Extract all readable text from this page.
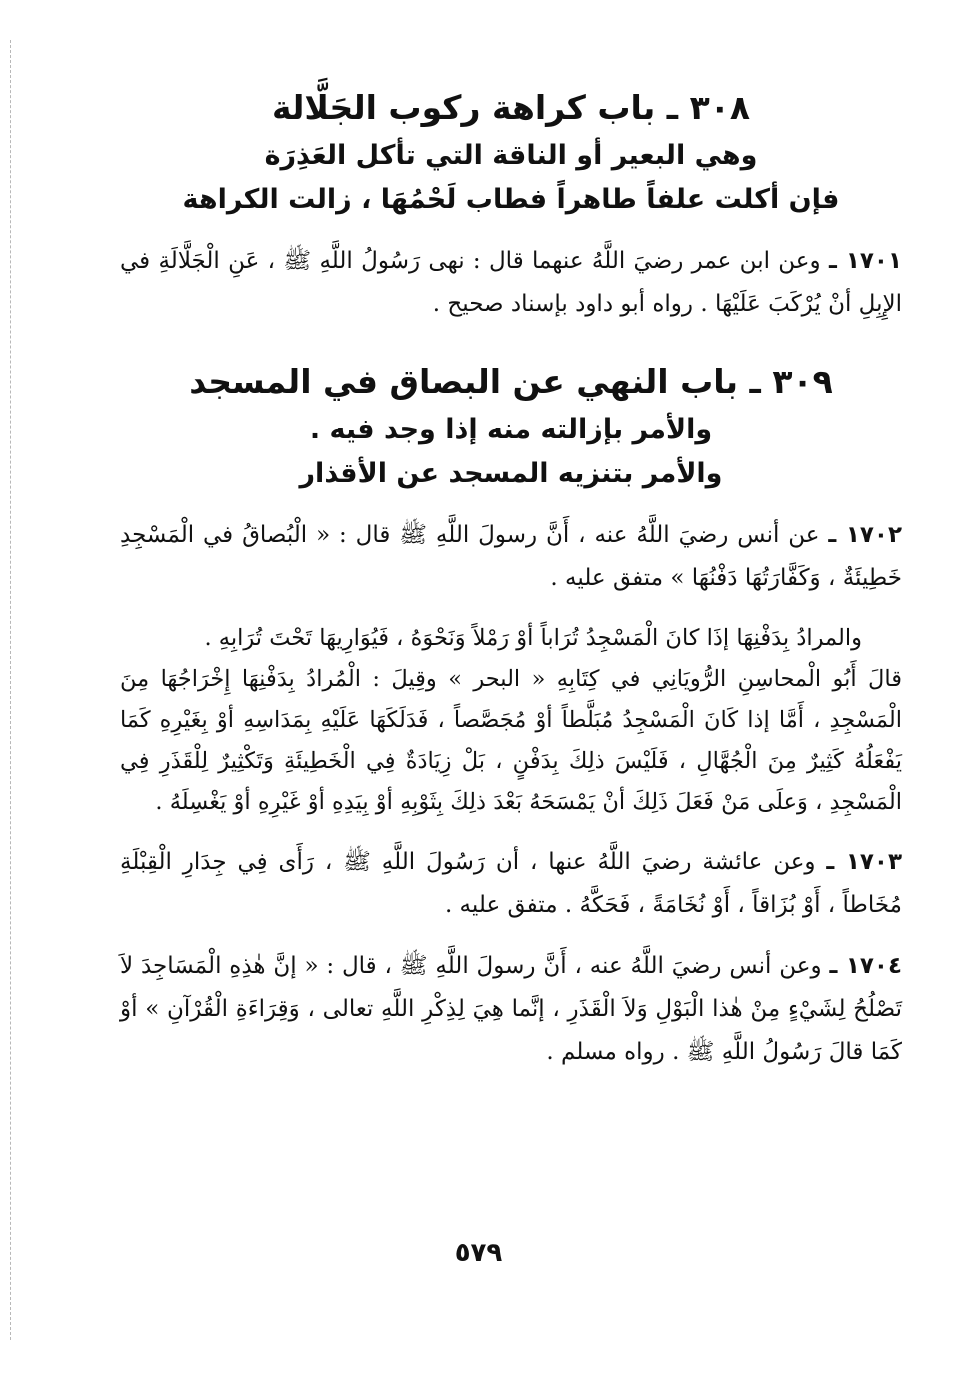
٣٠٨ ـ باب كراهة ركوب الجَلَّالة
وهي البعير أو الناقة التي تأكل العَذِرَة
فإن أكلت علفاً طاهراً فطاب لَحْمُهَا ، زالت الكراهة

١٧٠١ ـ وعن ابن عمر رضيَ اللَّهُ عنهما قال : نهى رَسُولُ اللَّهِ ﷺ ، عَنِ الْجَلَّالَةِ في الإِبِلِ أنْ يُرْكَبَ عَلَيْهَا . رواه أبو داود بإسناد صحيح .

٣٠٩ ـ باب النهي عن البصاق في المسجد
والأمر بإزالته منه إذا وجد فيه .
والأمر بتنزيه المسجد عن الأقذار

١٧٠٢ ـ عن أنس رضيَ اللَّهُ عنه ، أَنَّ رسولَ اللَّهِ ﷺ قال : « الْبُصاقُ في الْمَسْجِدِ خَطِيئَةٌ ، وَكَفَّارَتُهَا دَفْنُهَا » متفق عليه .

والمرادُ بِدَفْنِهَا إذَا كانَ الْمَسْجِدُ تُرَاباً أوْ رَمْلاً وَنَحْوَهُ ، فَيُوَارِيهَا تَحْتَ تُرَابِهِ .
قالَ أَبُو الْمحاسِنِ الرُّويَانِي في كِتَابِهِ « البحر » وقِيلَ : الْمُرادُ بِدَفْنِهَا إِخْرَاجُهَا مِنَ الْمَسْجِدِ ، أَمَّا إذا كَانَ الْمَسْجِدُ مُبَلَّطاً أوْ مُجَصَّصاً ، فَدَلَكَهَا عَلَيْهِ بِمَدَاسِهِ أوْ بِغَيْرِهِ كَمَا يَفْعَلُهُ كَثِيرٌ مِنَ الْجُهَّالِ ، فَلَيْسَ ذلِكَ بِدَفْنٍ ، بَلْ زِيَادَةٌ فِي الْخَطِيئَةِ وَتَكْثِيرٌ لِلْقَذَرِ فِي الْمَسْجِدِ ، وَعلَى مَنْ فَعَلَ ذَلِكَ أنْ يَمْسَحَهُ بَعْدَ ذلِكَ بِثَوْبِهِ أوْ بِيَدِهِ أوْ غَيْرِهِ أوْ يَغْسِلَهُ .

١٧٠٣ ـ وعن عائشة رضيَ اللَّهُ عنها ، أن رَسُولَ اللَّهِ ﷺ ، رَأَى فِي جِدَارِ الْقِبْلَةِ مُخَاطاً ، أَوْ بُزَاقاً ، أَوْ نُخَامَةً ، فَحَكَّهُ . متفق عليه .

١٧٠٤ ـ وعن أنس رضيَ اللَّهُ عنه ، أَنَّ رسولَ اللَّهِ ﷺ ، قال : « إنَّ هٰذِهِ الْمَسَاجِدَ لاَ تَصْلُحُ لِشَيْءٍ مِنْ هٰذا الْبَوْلِ وَلاَ الْقَذَرِ ، إنَّما هِيَ لِذِكْرِ اللَّهِ تعالى ، وَقِرَاءَةِ الْقُرْآنِ » أوْ كَمَا قالَ رَسُولُ اللَّهِ ﷺ . رواه مسلم .

٥٧٩
